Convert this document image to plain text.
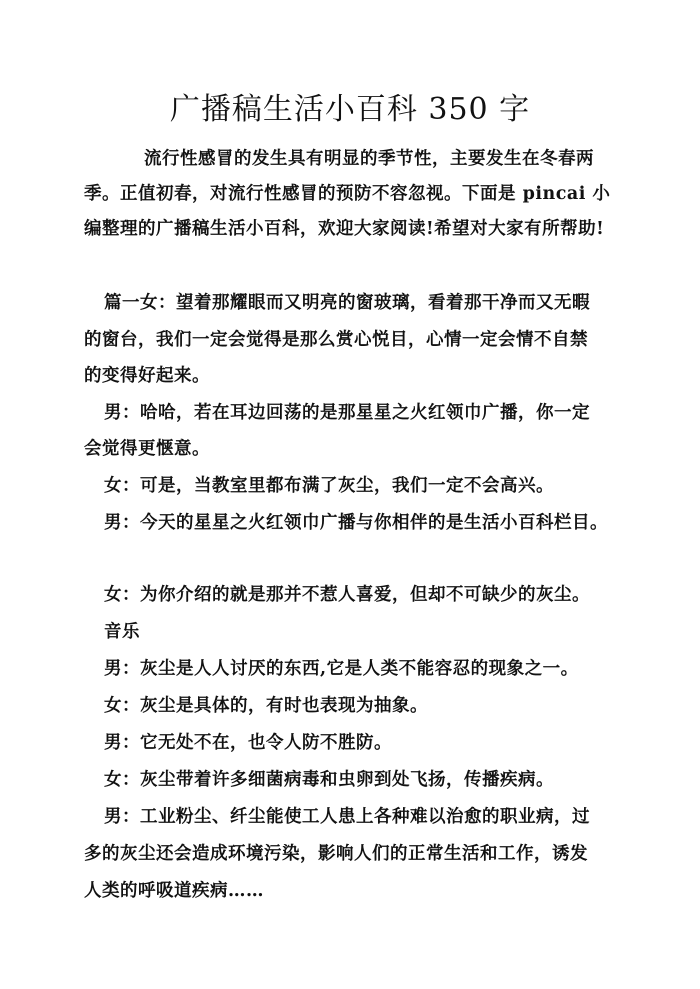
广播稿生活小百科 350 字
流行性感冒的发生具有明显的季节性，主要发生在冬春两
季。正值初春，对流行性感冒的预防不容忽视。下面是 pincai 小
编整理的广播稿生活小百科，欢迎大家阅读!希望对大家有所帮助!
篇一女：望着那耀眼而又明亮的窗玻璃，看着那干净而又无暇
的窗台，我们一定会觉得是那么赏心悦目，心情一定会情不自禁
的变得好起来。
男：哈哈，若在耳边回荡的是那星星之火红领巾广播，你一定
会觉得更惬意。
女：可是，当教室里都布满了灰尘，我们一定不会高兴。
男：今天的星星之火红领巾广播与你相伴的是生活小百科栏目。
女：为你介绍的就是那并不惹人喜爱，但却不可缺少的灰尘。
音乐
男：灰尘是人人讨厌的东西,它是人类不能容忍的现象之一。
女：灰尘是具体的，有时也表现为抽象。
男：它无处不在，也令人防不胜防。
女：灰尘带着许多细菌病毒和虫卵到处飞扬，传播疾病。
男：工业粉尘、纤尘能使工人患上各种难以治愈的职业病，过
多的灰尘还会造成环境污染，影响人们的正常生活和工作，诱发
人类的呼吸道疾病……
